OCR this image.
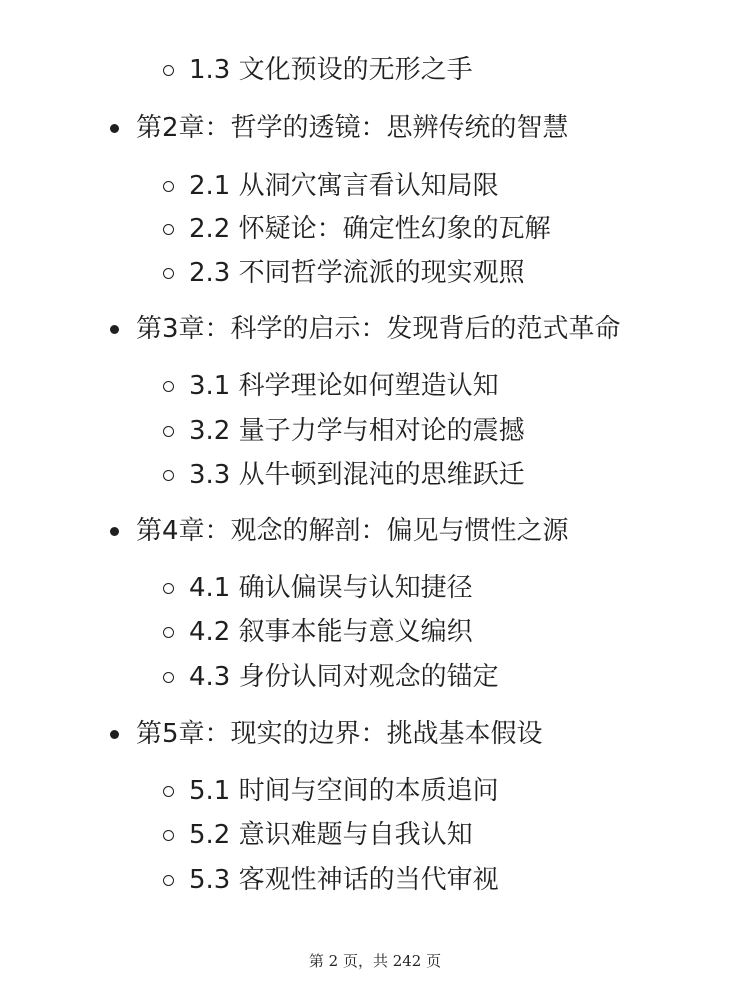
1.3 文化预设的无形之手
第2章：哲学的透镜：思辨传统的智慧
2.1 从洞穴寓言看认知局限
2.2 怀疑论：确定性幻象的瓦解
2.3 不同哲学流派的现实观照
第3章：科学的启示：发现背后的范式革命
3.1 科学理论如何塑造认知
3.2 量子力学与相对论的震撼
3.3 从牛顿到混沌的思维跃迁
第4章：观念的解剖：偏见与惯性之源
4.1 确认偏误与认知捷径
4.2 叙事本能与意义编织
4.3 身份认同对观念的锚定
第5章：现实的边界：挑战基本假设
5.1 时间与空间的本质追问
5.2 意识难题与自我认知
5.3 客观性神话的当代审视
第 2 页，共 242 页
